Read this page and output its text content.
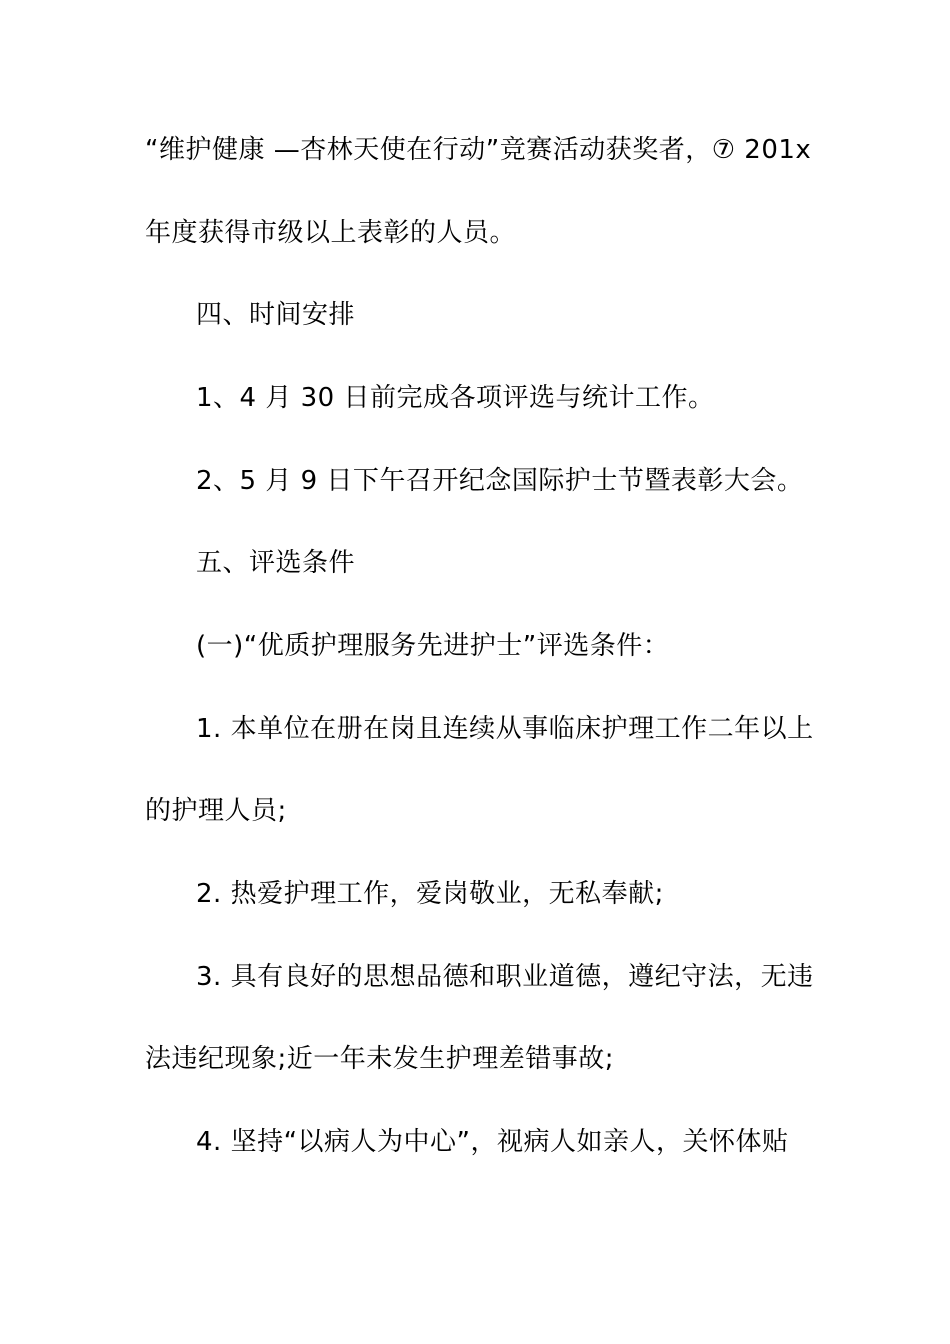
“维护健康 —杏林天使在行动”竞赛活动获奖者，⑦ 201x
年度获得市级以上表彰的人员。
四、时间安排
1、4 月 30 日前完成各项评选与统计工作。
2、5 月 9 日下午召开纪念国际护士节暨表彰大会。
五、评选条件
(一)“优质护理服务先进护士”评选条件：
1. 本单位在册在岗且连续从事临床护理工作二年以上
的护理人员;
2. 热爱护理工作，爱岗敬业，无私奉献;
3. 具有良好的思想品德和职业道德，遵纪守法，无违
法违纪现象;近一年未发生护理差错事故;
4. 坚持“以病人为中心”，视病人如亲人，关怀体贴
